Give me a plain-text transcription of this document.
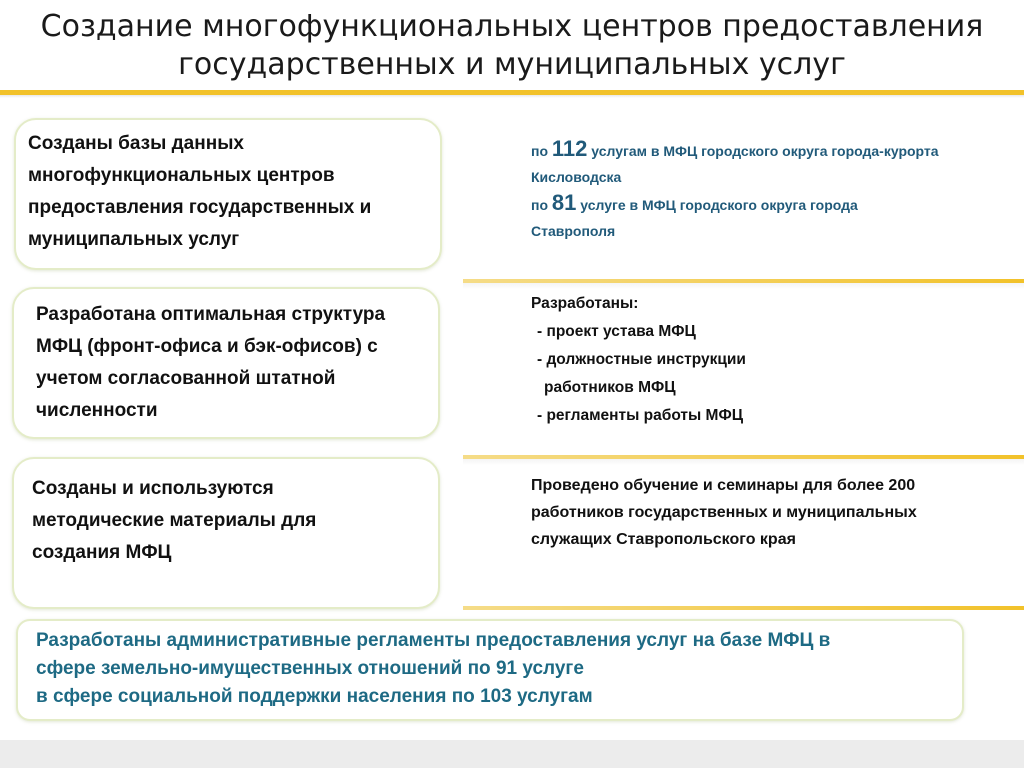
Создание многофункциональных центров предоставления
государственных и муниципальных услуг
Созданы базы данных
многофункциональных центров
предоставления государственных и
муниципальных услуг
Разработана оптимальная структура
МФЦ (фронт-офиса и бэк-офисов) с
учетом согласованной штатной
численности
Созданы и используются
методические материалы для
создания МФЦ
по 112 услугам в МФЦ городского округа города-курорта
Кисловодска
по 81 услуге в МФЦ городского округа города
Ставрополя
Разработаны:
- проект устава МФЦ
- должностные инструкции
работников МФЦ
- регламенты работы МФЦ
Проведено обучение и семинары для более 200
работников государственных и муниципальных
служащих Ставропольского края
Разработаны административные регламенты предоставления услуг на базе МФЦ в
сфере земельно-имущественных отношений по 91 услуге
в сфере социальной поддержки населения по 103 услугам
